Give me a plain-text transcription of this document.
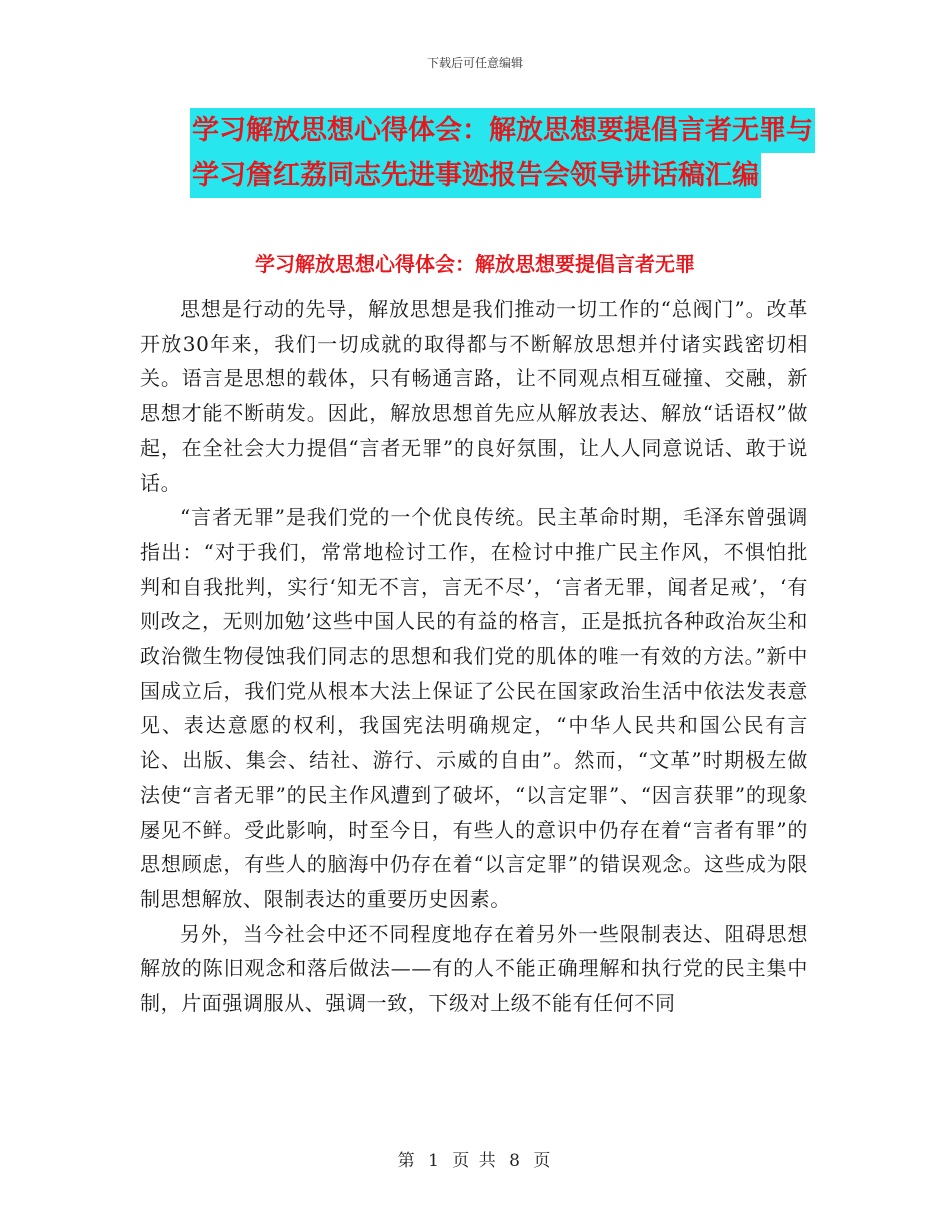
下载后可任意编辑
学习解放思想心得体会：解放思想要提倡言者无罪与
学习詹红荔同志先进事迹报告会领导讲话稿汇编
学习解放思想心得体会：解放思想要提倡言者无罪

思想是行动的先导，解放思想是我们推动一切工作的“总阀门”。改革开放30年来，我们一切成就的取得都与不断解放思想并付诸实践密切相关。语言是思想的载体，只有畅通言路，让不同观点相互碰撞、交融，新思想才能不断萌发。因此，解放思想首先应从解放表达、解放“话语权”做起，在全社会大力提倡“言者无罪”的良好氛围，让人人同意说话、敢于说话。

“言者无罪”是我们党的一个优良传统。民主革命时期，毛泽东曾强调指出：“对于我们，常常地检讨工作，在检讨中推广民主作风，不惧怕批判和自我批判，实行‘知无不言，言无不尽’，‘言者无罪，闻者足戒’，‘有则改之，无则加勉’这些中国人民的有益的格言，正是抵抗各种政治灰尘和政治微生物侵蚀我们同志的思想和我们党的肌体的唯一有效的方法。”新中国成立后，我们党从根本大法上保证了公民在国家政治生活中依法发表意见、表达意愿的权利，我国宪法明确规定，“中华人民共和国公民有言论、出版、集会、结社、游行、示威的自由”。然而，“文革”时期极左做法使“言者无罪”的民主作风遭到了破坏，“以言定罪”、“因言获罪”的现象屡见不鲜。受此影响，时至今日，有些人的意识中仍存在着“言者有罪”的思想顾虑，有些人的脑海中仍存在着“以言定罪”的错误观念。这些成为限制思想解放、限制表达的重要历史因素。

另外，当今社会中还不同程度地存在着另外一些限制表达、阻碍思想解放的陈旧观念和落后做法——有的人不能正确理解和执行党的民主集中制，片面强调服从、强调一致，下级对上级不能有任何不同

第 1 页 共 8 页
